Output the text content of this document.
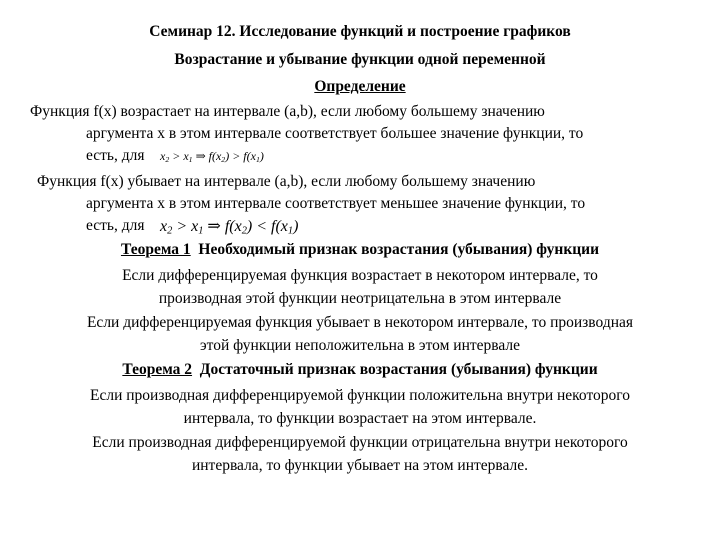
Семинар 12. Исследование функций и построение графиков
Возрастание и убывание функции одной переменной
Определение
Функция f(x) возрастает на интервале (a,b), если любому большему значению
аргумента x в этом интервале соответствует большее значение функции, то
есть, для $x_2 > x_1$ ⇒ $f(x_2) > f(x_1)$
Функция f(x) убывает на интервале (a,b), если любому большему значению
аргумента x в этом интервале соответствует меньшее значение функции, то
есть, для $x_2 > x_1$ ⇒ $f(x_2) < f(x_1)$
Теорема 1 Необходимый признак возрастания (убывания) функции
Если дифференцируемая функция возрастает в некотором интервале, то
производная этой функции неотрицательна в этом интервале
Если дифференцируемая функция убывает в некотором интервале, то производная
этой функции неположительна в этом интервале
Теорема 2 Достаточный признак возрастания (убывания) функции
Если производная дифференцируемой функции положительна внутри некоторого
интервала, то функции возрастает на этом интервале.
Если производная дифференцируемой функции отрицательна внутри некоторого
интервала, то функции убывает на этом интервале.
